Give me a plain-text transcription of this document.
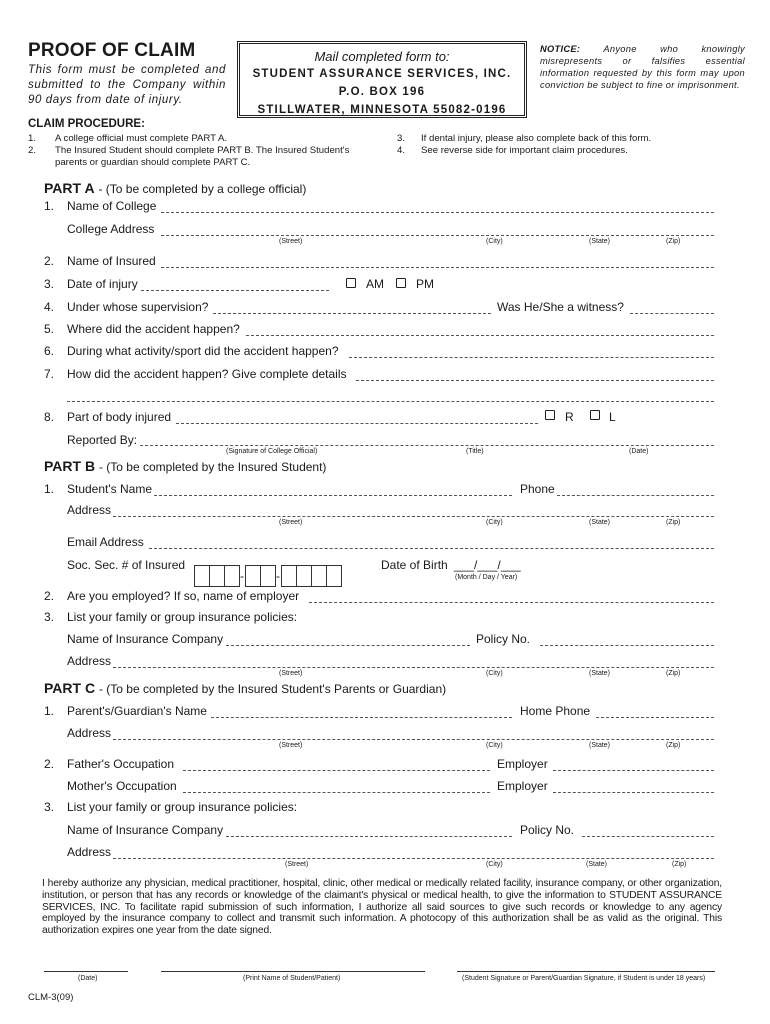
PROOF OF CLAIM
This form must be completed and submitted to the Company within 90 days from date of injury.
Mail completed form to:
STUDENT ASSURANCE SERVICES, INC.
P.O. BOX 196
STILLWATER, MINNESOTA 55082-0196
NOTICE: Anyone who knowingly misrepresents or falsifies essential information requested by this form may upon conviction be subject to fine or imprisonment.
CLAIM PROCEDURE:
1. A college official must complete PART A.
2. The Insured Student should complete PART B. The Insured Student's
parents or guardian should complete PART C.
3. If dental injury, please also complete back of this form.
4. See reverse side for important claim procedures.
PART A - (To be completed by a college official)
1. Name of College
College Address
(Street)	(City)	(State)	(Zip)
2. Name of Insured
3. Date of injury	AM	PM
4. Under whose supervision?	Was He/She a witness?
5. Where did the accident happen?
6. During what activity/sport did the accident happen?
7. How did the accident happen? Give complete details
8. Part of body injured	R	L
Reported By:
(Signature of College Official)	(Title)	(Date)
PART B - (To be completed by the Insured Student)
1. Student's Name	Phone
Address
(Street)	(City)	(State)	(Zip)
Email Address
Soc. Sec. # of Insured
-	-
Date of Birth ___/___/___
(Month / Day / Year)
2. Are you employed? If so, name of employer
3. List your family or group insurance policies:
Name of Insurance Company	Policy No.
Address
(Street)	(City)	(State)	(Zip)
PART C - (To be completed by the Insured Student's Parents or Guardian)
1. Parent's/Guardian's Name	Home Phone
Address
(Street)	(City)	(State)	(Zip)
2. Father's Occupation	Employer
Mother's Occupation	Employer
3. List your family or group insurance policies:
Name of Insurance Company	Policy No.
Address
(Street)	(City)	(State)	(Zip)
I hereby authorize any physician, medical practitioner, hospital, clinic, other medical or medically related facility, insurance company, or other organization, institution, or person that has any records or knowledge of the claimant's physical or medical health, to give the information to STUDENT ASSURANCE SERVICES, INC. To facilitate rapid submission of such information, I authorize all said sources to give such records or knowledge to any agency employed by the insurance company to collect and transmit such information. A photocopy of this authorization shall be as valid as the original. This authorization expires one year from the date signed.
(Date)	(Print Name of Student/Patient)	(Student Signature or Parent/Guardian Signature, if Student is under 18 years)
CLM-3(09)
